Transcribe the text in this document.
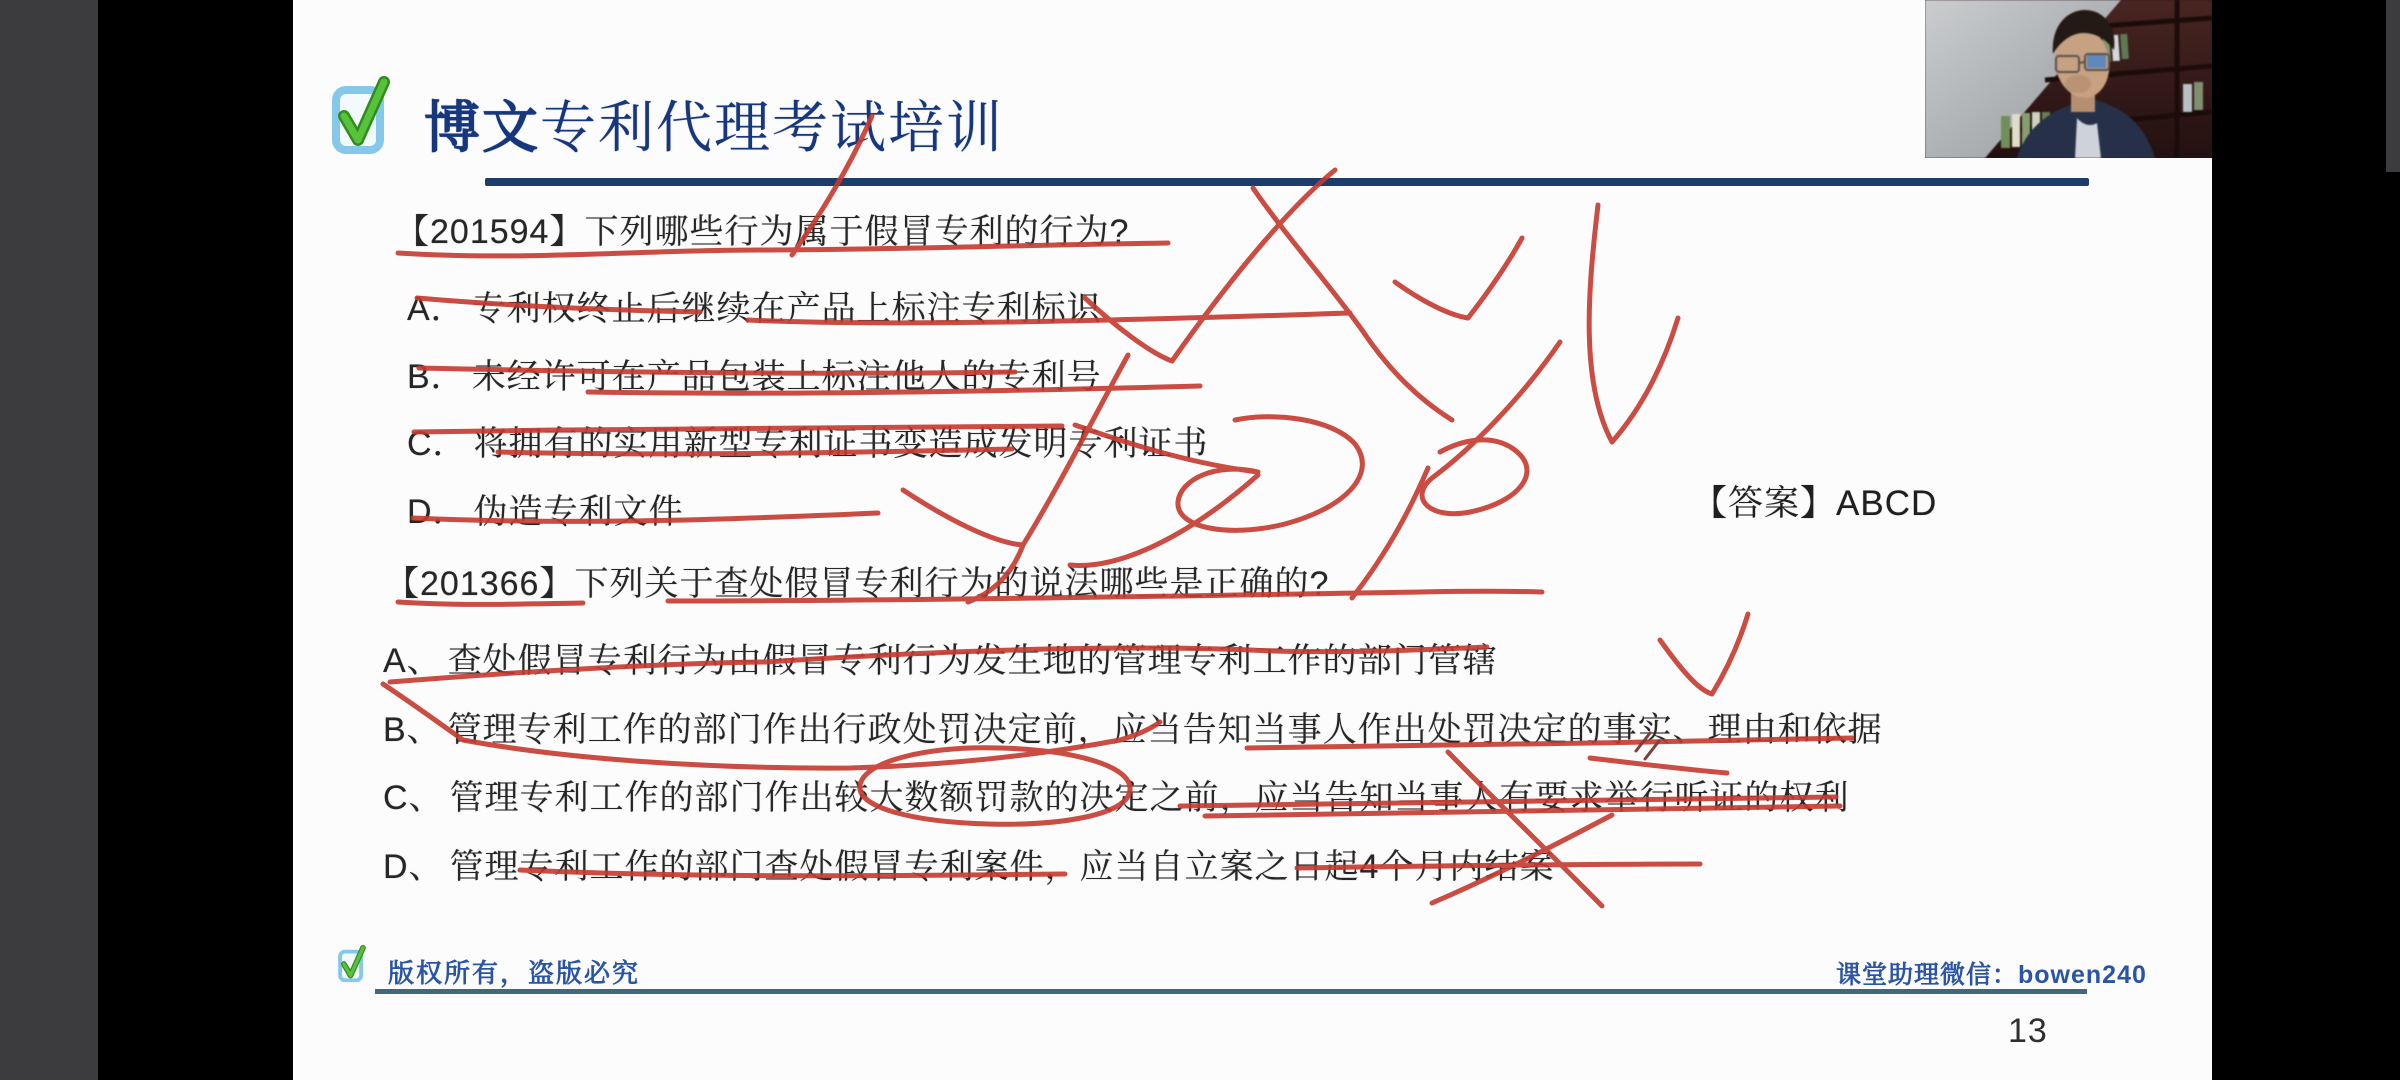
博文专利代理考试培训
【201594】下列哪些行为属于假冒专利的行为?
A． 专利权终止后继续在产品上标注专利标识
B． 未经许可在产品包装上标注他人的专利号
C． 将拥有的实用新型专利证书变造成发明专利证书
D． 伪造专利文件	【答案】ABCD
【201366】下列关于查处假冒专利行为的说法哪些是正确的?
A、 查处假冒专利行为由假冒专利行为发生地的管理专利工作的部门管辖
B、 管理专利工作的部门作出行政处罚决定前，应当告知当事人作出处罚决定的事实、理由和依据
C、 管理专利工作的部门作出较大数额罚款的决定之前，应当告知当事人有要求举行听证的权利
D、 管理专利工作的部门查处假冒专利案件，应当自立案之日起4个月内结案
版权所有，盗版必究	课堂助理微信：bowen240
13
